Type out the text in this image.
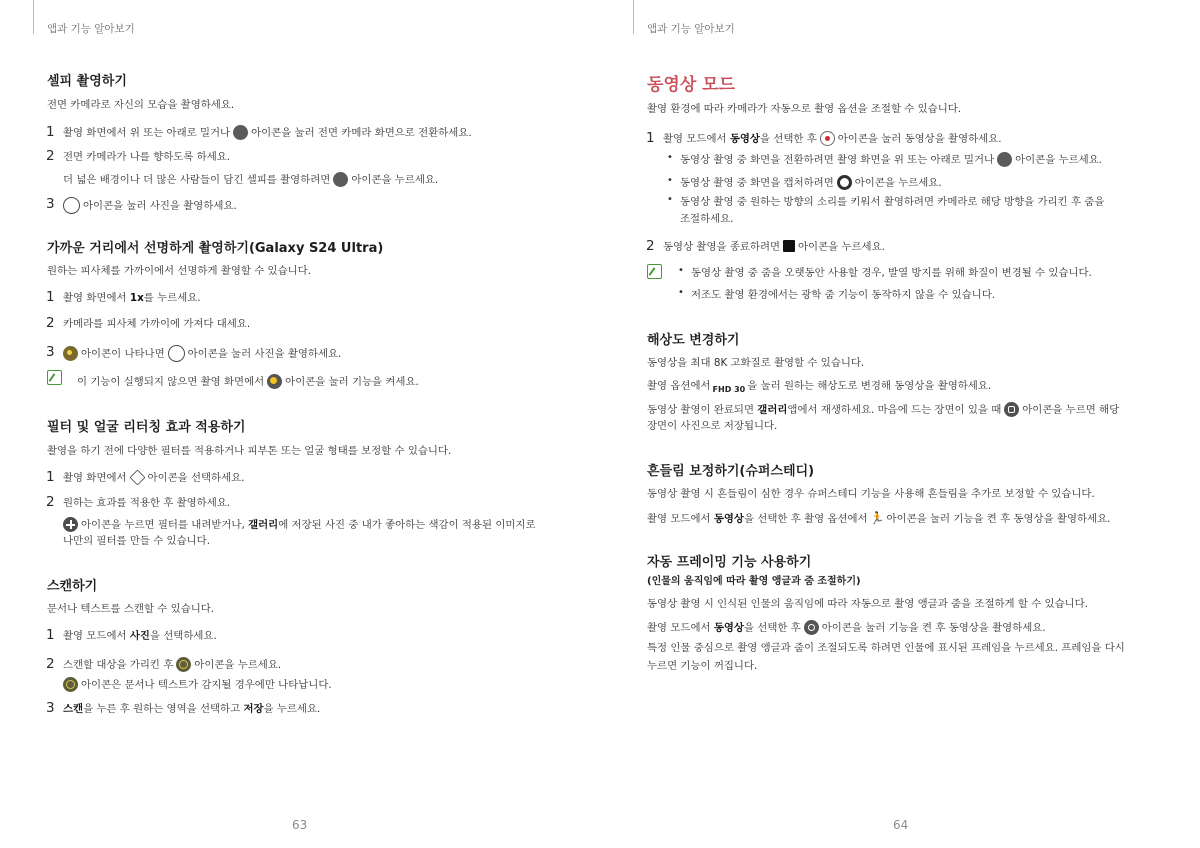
앱과 기능 알아보기
셀피 촬영하기
전면 카메라로 자신의 모습을 촬영하세요.
1 촬영 화면에서 위 또는 아래로 밀거나 아이콘을 눌러 전면 카메라 화면으로 전환하세요.
2 전면 카메라가 나를 향하도록 하세요.
더 넓은 배경이나 더 많은 사람들이 담긴 셀피를 촬영하려면 아이콘을 누르세요.
3	아이콘을 눌러 사진을 촬영하세요.
가까운 거리에서 선명하게 촬영하기(Galaxy S24 Ultra)
원하는 피사체를 가까이에서 선명하게 촬영할 수 있습니다.
1 촬영 화면에서 1x를 누르세요.
2 카메라를 피사체 가까이에 가져다 대세요.
3	아이콘이 나타나면 아이콘을 눌러 사진을 촬영하세요.
이 기능이 실행되지 않으면 촬영 화면에서 아이콘을 눌러 기능을 켜세요.
필터 및 얼굴 리터칭 효과 적용하기
촬영을 하기 전에 다양한 필터를 적용하거나 피부톤 또는 얼굴 형태를 보정할 수 있습니다.
1 촬영 화면에서 아이콘을 선택하세요.
2 원하는 효과를 적용한 후 촬영하세요.
아이콘을 누르면 필터를 내려받거나, 갤러리에 저장된 사진 중 내가 좋아하는 색감이 적용된 이미지로
나만의 필터를 만들 수 있습니다.
스캔하기
문서나 텍스트를 스캔할 수 있습니다.
1 촬영 모드에서 사진을 선택하세요.
2 스캔할 대상을 가리킨 후 아이콘을 누르세요.
아이콘은 문서나 텍스트가 감지될 경우에만 나타납니다.
3 스캔을 누른 후 원하는 영역을 선택하고 저장을 누르세요.
63
앱과 기능 알아보기
동영상 모드
촬영 환경에 따라 카메라가 자동으로 촬영 옵션을 조절할 수 있습니다.
1 촬영 모드에서 동영상을 선택한 후 아이콘을 눌러 동영상을 촬영하세요.
• 동영상 촬영 중 화면을 전환하려면 촬영 화면을 위 또는 아래로 밀거나 아이콘을 누르세요.
• 동영상 촬영 중 화면을 캡처하려면 아이콘을 누르세요.
• 동영상 촬영 중 원하는 방향의 소리를 키워서 촬영하려면 카메라로 해당 방향을 가리킨 후 줌을
조절하세요.
2 동영상 촬영을 종료하려면 아이콘을 누르세요.
• 동영상 촬영 중 줌을 오랫동안 사용할 경우, 발열 방지를 위해 화질이 변경될 수 있습니다.
• 저조도 촬영 환경에서는 광학 줌 기능이 동작하지 않을 수 있습니다.
해상도 변경하기
동영상을 최대 8K 고화질로 촬영할 수 있습니다.
촬영 옵션에서 FHD 30 을 눌러 원하는 해상도로 변경해 동영상을 촬영하세요.
동영상 촬영이 완료되면 갤러리앱에서 재생하세요. 마음에 드는 장면이 있을 때 아이콘을 누르면 해당
장면이 사진으로 저장됩니다.
흔들림 보정하기(슈퍼스테디)
동영상 촬영 시 흔들림이 심한 경우 슈퍼스테디 기능을 사용해 흔들림을 추가로 보정할 수 있습니다.
촬영 모드에서 동영상을 선택한 후 촬영 옵션에서 🏃 아이콘을 눌러 기능을 켠 후 동영상을 촬영하세요.
자동 프레이밍 기능 사용하기
(인물의 움직임에 따라 촬영 앵글과 줌 조절하기)
동영상 촬영 시 인식된 인물의 움직임에 따라 자동으로 촬영 앵글과 줌을 조절하게 할 수 있습니다.
촬영 모드에서 동영상을 선택한 후 아이콘을 눌러 기능을 켠 후 동영상을 촬영하세요.
특정 인물 중심으로 촬영 앵글과 줌이 조절되도록 하려면 인물에 표시된 프레임을 누르세요. 프레임을 다시
누르면 기능이 꺼집니다.
64
